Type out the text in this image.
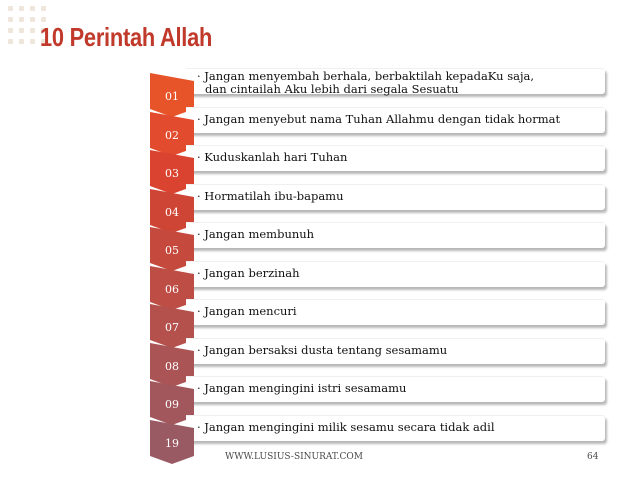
10 Perintah Allah
· Jangan menyembah berhala, berbaktilah kepadaKu saja,
dan cintailah Aku lebih dari segala Sesuatu
01
· Jangan menyebut nama Tuhan Allahmu dengan tidak hormat
02
· Kuduskanlah hari Tuhan
03
· Hormatilah ibu-bapamu
04
· Jangan membunuh
05
· Jangan berzinah
06
· Jangan mencuri
07
· Jangan bersaksi dusta tentang sesamamu
08
· Jangan mengingini istri sesamamu
09
· Jangan mengingini milik sesamu secara tidak adil
19
WWW.LUSIUS-SINURAT.COM	64
